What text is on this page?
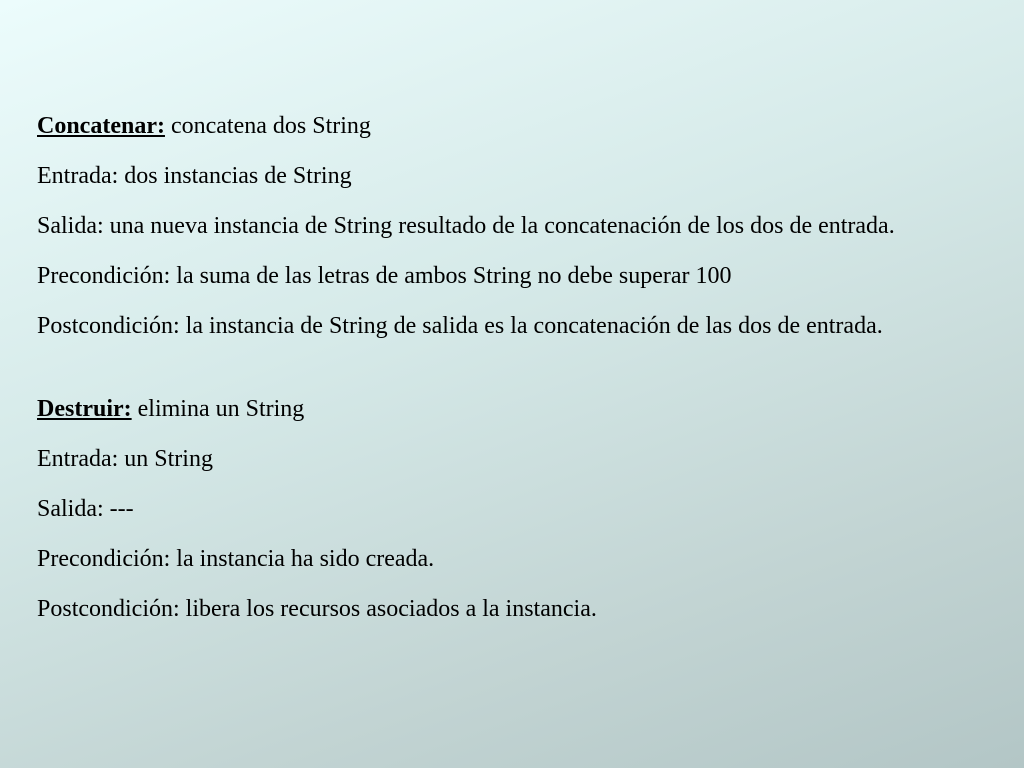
Concatenar: concatena dos String

Entrada: dos instancias de String

Salida: una nueva instancia de String resultado de la concatenación de los dos de entrada.

Precondición: la suma de las letras de ambos String no debe superar 100

Postcondición: la instancia de String de salida es la concatenación de las dos de entrada.

Destruir: elimina un String

Entrada: un String

Salida: ---

Precondición: la instancia ha sido creada.

Postcondición: libera los recursos asociados a la instancia.
